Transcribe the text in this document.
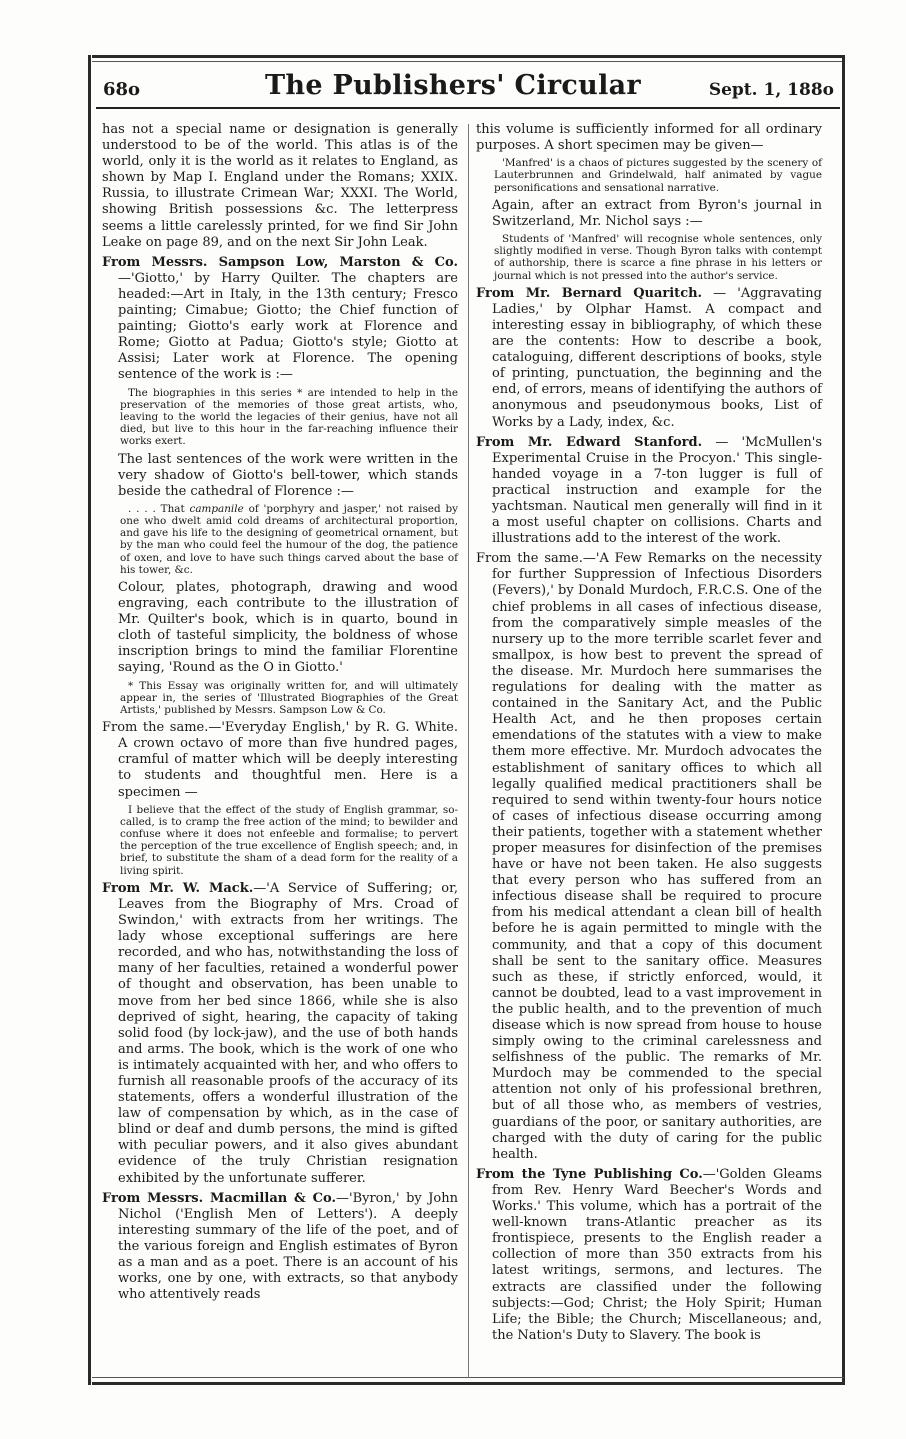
68o	The Publishers' Circular	Sept. 1, 188o

has not a special name or designation is generally understood to be of the world. This atlas is of the world, only it is the world as it relates to England, as shown by Map I. England under the Romans; XXIX. Russia, to illustrate Crimean War; XXXI. The World, showing British possessions &c. The letterpress seems a little carelessly printed, for we find Sir John Leake on page 89, and on the next Sir John Leak.

From Messrs. Sampson Low, Marston & Co.—'Giotto,' by Harry Quilter. The chapters are headed:—Art in Italy, in the 13th century; Fresco painting; Cimabue; Giotto; the Chief function of painting; Giotto's early work at Florence and Rome; Giotto at Padua; Giotto's style; Giotto at Assisi; Later work at Florence. The opening sentence of the work is :—

The biographies in this series * are intended to help in the preservation of the memories of those great artists, who, leaving to the world the legacies of their genius, have not all died, but live to this hour in the far-reaching influence their works exert.

The last sentences of the work were written in the very shadow of Giotto's bell-tower, which stands beside the cathedral of Florence :—

. . . . That campanile of 'porphyry and jasper,' not raised by one who dwelt amid cold dreams of architectural proportion, and gave his life to the designing of geometrical ornament, but by the man who could feel the humour of the dog, the patience of oxen, and love to have such things carved about the base of his tower, &c.

Colour, plates, photograph, drawing and wood engraving, each contribute to the illustration of Mr. Quilter's book, which is in quarto, bound in cloth of tasteful simplicity, the boldness of whose inscription brings to mind the familiar Florentine saying, 'Round as the O in Giotto.'

* This Essay was originally written for, and will ultimately appear in, the series of 'Illustrated Biographies of the Great Artists,' published by Messrs. Sampson Low & Co.

From the same.—'Everyday English,' by R. G. White. A crown octavo of more than five hundred pages, cramful of matter which will be deeply interesting to students and thoughtful men. Here is a specimen —

I believe that the effect of the study of English grammar, so-called, is to cramp the free action of the mind; to bewilder and confuse where it does not enfeeble and formalise; to pervert the perception of the true excellence of English speech; and, in brief, to substitute the sham of a dead form for the reality of a living spirit.

From Mr. W. Mack.—'A Service of Suffering; or, Leaves from the Biography of Mrs. Croad of Swindon,' with extracts from her writings. The lady whose exceptional sufferings are here recorded, and who has, notwithstanding the loss of many of her faculties, retained a wonderful power of thought and observation, has been unable to move from her bed since 1866, while she is also deprived of sight, hearing, the capacity of taking solid food (by lock-jaw), and the use of both hands and arms. The book, which is the work of one who is intimately acquainted with her, and who offers to furnish all reasonable proofs of the accuracy of its statements, offers a wonderful illustration of the law of compensation by which, as in the case of blind or deaf and dumb persons, the mind is gifted with peculiar powers, and it also gives abundant evidence of the truly Christian resignation exhibited by the unfortunate sufferer.

From Messrs. Macmillan & Co.—'Byron,' by John Nichol ('English Men of Letters'). A deeply interesting summary of the life of the poet, and of the various foreign and English estimates of Byron as a man and as a poet. There is an account of his works, one by one, with extracts, so that anybody who attentively reads

this volume is sufficiently informed for all ordinary purposes. A short specimen may be given—

'Manfred' is a chaos of pictures suggested by the scenery of Lauterbrunnen and Grindelwald, half animated by vague personifications and sensational narrative.

Again, after an extract from Byron's journal in Switzerland, Mr. Nichol says :—

Students of 'Manfred' will recognise whole sentences, only slightly modified in verse. Though Byron talks with contempt of authorship, there is scarce a fine phrase in his letters or journal which is not pressed into the author's service.

From Mr. Bernard Quaritch. — 'Aggravating Ladies,' by Olphar Hamst. A compact and interesting essay in bibliography, of which these are the contents: How to describe a book, cataloguing, different descriptions of books, style of printing, punctuation, the beginning and the end, of errors, means of identifying the authors of anonymous and pseudonymous books, List of Works by a Lady, index, &c.

From Mr. Edward Stanford. — 'McMullen's Experimental Cruise in the Procyon.' This single-handed voyage in a 7-ton lugger is full of practical instruction and example for the yachtsman. Nautical men generally will find in it a most useful chapter on collisions. Charts and illustrations add to the interest of the work.

From the same.—'A Few Remarks on the necessity for further Suppression of Infectious Disorders (Fevers),' by Donald Murdoch, F.R.C.S. One of the chief problems in all cases of infectious disease, from the comparatively simple measles of the nursery up to the more terrible scarlet fever and smallpox, is how best to prevent the spread of the disease. Mr. Murdoch here summarises the regulations for dealing with the matter as contained in the Sanitary Act, and the Public Health Act, and he then proposes certain emendations of the statutes with a view to make them more effective. Mr. Murdoch advocates the establishment of sanitary offices to which all legally qualified medical practitioners shall be required to send within twenty-four hours notice of cases of infectious disease occurring among their patients, together with a statement whether proper measures for disinfection of the premises have or have not been taken. He also suggests that every person who has suffered from an infectious disease shall be required to procure from his medical attendant a clean bill of health before he is again permitted to mingle with the community, and that a copy of this document shall be sent to the sanitary office. Measures such as these, if strictly enforced, would, it cannot be doubted, lead to a vast improvement in the public health, and to the prevention of much disease which is now spread from house to house simply owing to the criminal carelessness and selfishness of the public. The remarks of Mr. Murdoch may be commended to the special attention not only of his professional brethren, but of all those who, as members of vestries, guardians of the poor, or sanitary authorities, are charged with the duty of caring for the public health.

From the Tyne Publishing Co.—'Golden Gleams from Rev. Henry Ward Beecher's Words and Works.' This volume, which has a portrait of the well-known trans-Atlantic preacher as its frontispiece, presents to the English reader a collection of more than 350 extracts from his latest writings, sermons, and lectures. The extracts are classified under the following subjects:—God; Christ; the Holy Spirit; Human Life; the Bible; the Church; Miscellaneous; and, the Nation's Duty to Slavery. The book is
